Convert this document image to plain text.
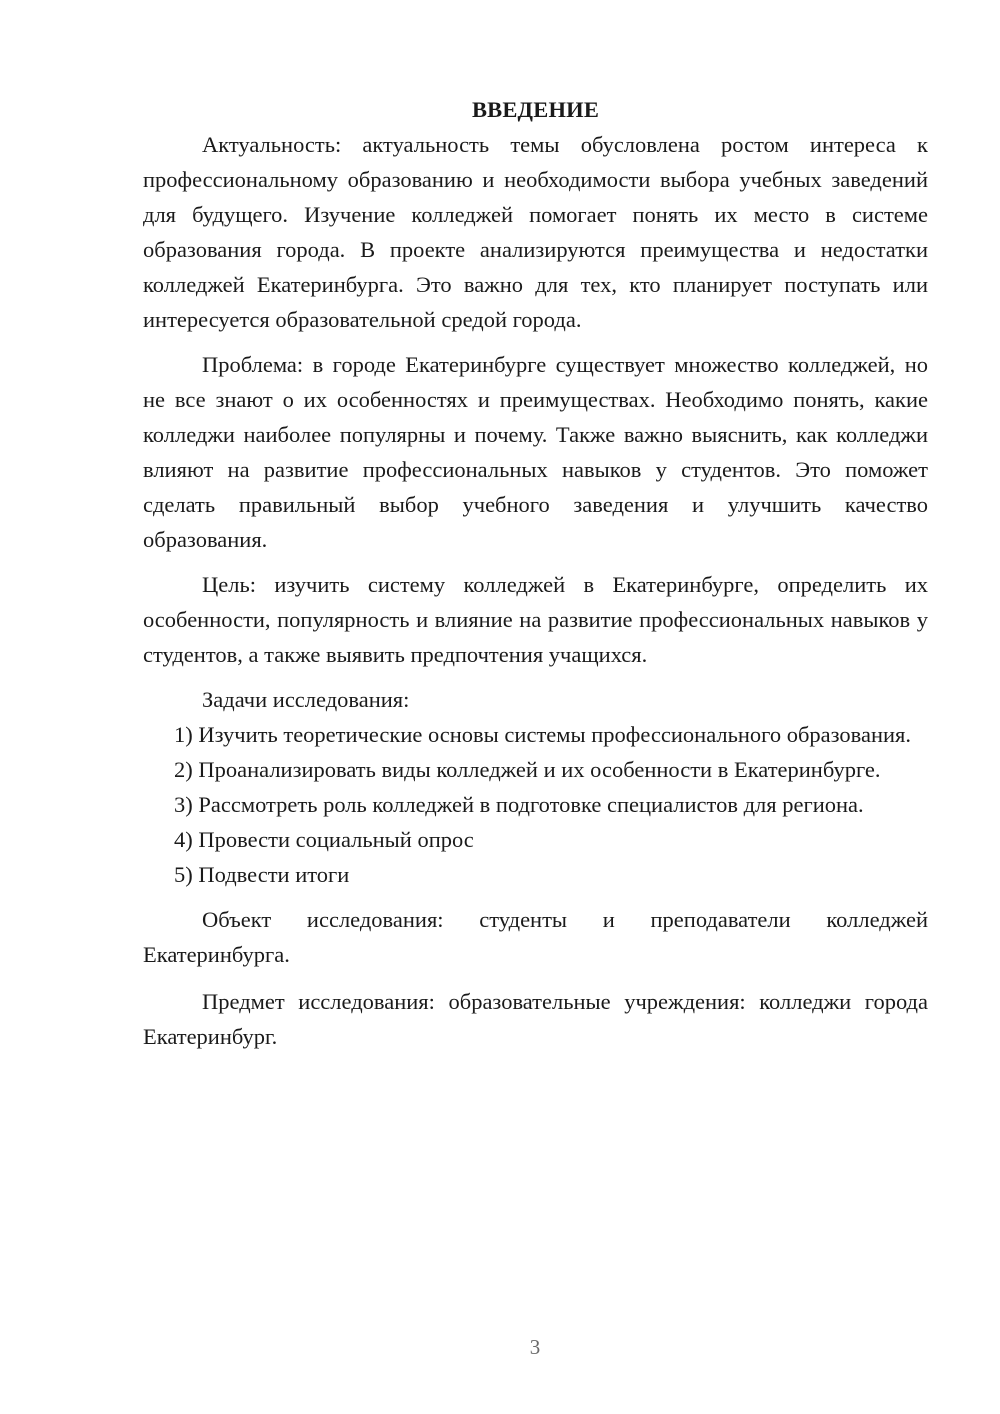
ВВЕДЕНИЕ

Актуальность: актуальность темы обусловлена ростом интереса к профессиональному образованию и необходимости выбора учебных заведений для будущего. Изучение колледжей помогает понять их место в системе образования города. В проекте анализируются преимущества и недостатки колледжей Екатеринбурга. Это важно для тех, кто планирует поступать или интересуется образовательной средой города.

Проблема: в городе Екатеринбурге существует множество колледжей, но не все знают о их особенностях и преимуществах. Необходимо понять, какие колледжи наиболее популярны и почему. Также важно выяснить, как колледжи влияют на развитие профессиональных навыков у студентов. Это поможет сделать правильный выбор учебного заведения и улучшить качество образования.

Цель: изучить систему колледжей в Екатеринбурге, определить их особенности, популярность и влияние на развитие профессиональных навыков у студентов, а также выявить предпочтения учащихся.

Задачи исследования:

1) Изучить теоретические основы системы профессионального образования.

2) Проанализировать виды колледжей и их особенности в Екатеринбурге.

3) Рассмотреть роль колледжей в подготовке специалистов для региона.

4) Провести социальный опрос

5) Подвести итоги

Объект исследования: студенты и преподаватели колледжей Екатеринбурга.

Предмет исследования: образовательные учреждения: колледжи города Екатеринбург.

3
